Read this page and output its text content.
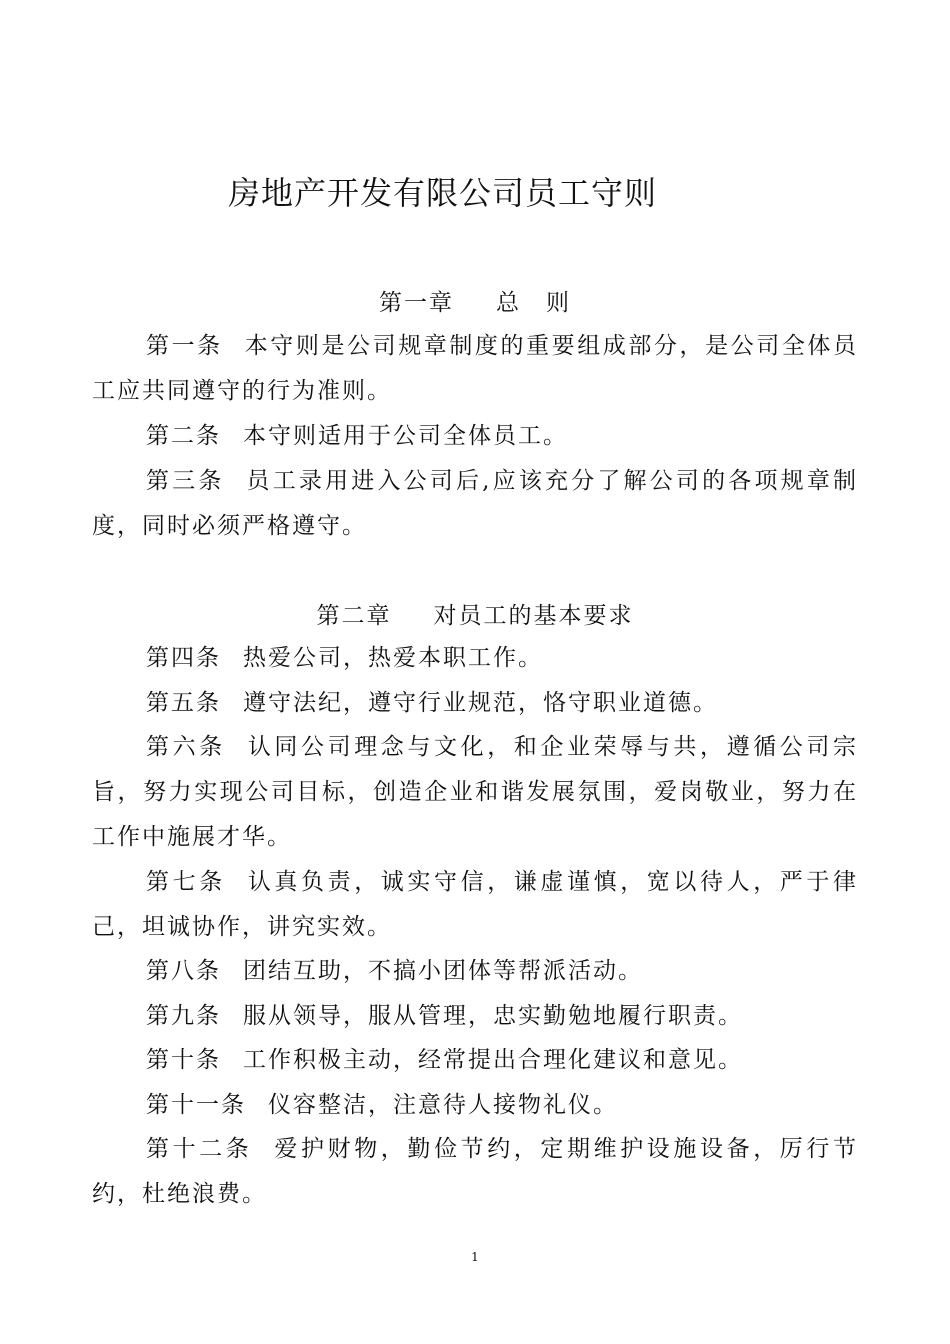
房地产开发有限公司员工守则
第一章 总　则
第一条 本守则是公司规章制度的重要组成部分，是公司全体员工应共同遵守的行为准则。
第二条 本守则适用于公司全体员工。
第三条 员工录用进入公司后,应该充分了解公司的各项规章制度，同时必须严格遵守。
第二章 对员工的基本要求
第四条 热爱公司，热爱本职工作。
第五条 遵守法纪，遵守行业规范，恪守职业道德。
第六条 认同公司理念与文化，和企业荣辱与共，遵循公司宗旨，努力实现公司目标，创造企业和谐发展氛围，爱岗敬业，努力在工作中施展才华。
第七条 认真负责，诚实守信，谦虚谨慎，宽以待人，严于律己，坦诚协作，讲究实效。
第八条 团结互助，不搞小团体等帮派活动。
第九条 服从领导，服从管理，忠实勤勉地履行职责。
第十条 工作积极主动，经常提出合理化建议和意见。
第十一条 仪容整洁，注意待人接物礼仪。
第十二条 爱护财物，勤俭节约，定期维护设施设备，厉行节约，杜绝浪费。
1
